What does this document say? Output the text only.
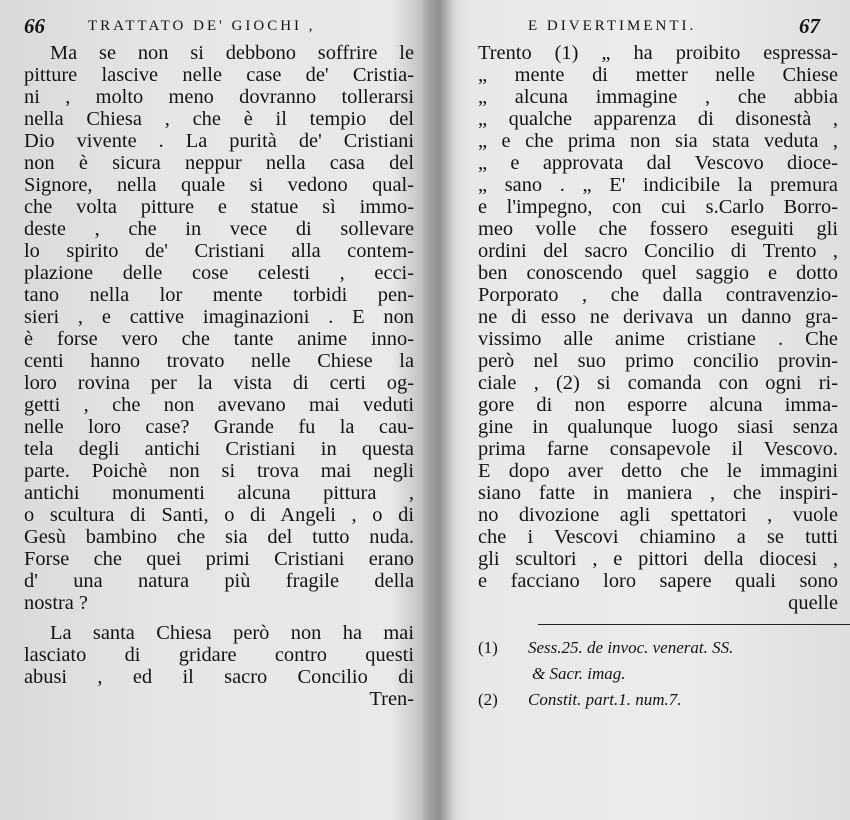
66	TRATTATO DE' GIOCHI ,
Ma se non si debbono soffrire le
pitture lascive nelle case de' Cristia-
ni , molto meno dovranno tollerarsi
nella Chiesa , che è il tempio del
Dio vivente . La purità de' Cristiani
non è sicura neppur nella casa del
Signore, nella quale si vedono qual-
che volta pitture e statue sì immo-
deste , che in vece di sollevare
lo spirito de' Cristiani alla contem-
plazione delle cose celesti , ecci-
tano nella lor mente torbidi pen-
sieri , e cattive imaginazioni . E non
è forse vero che tante anime inno-
centi hanno trovato nelle Chiese la
loro rovina per la vista di certi og-
getti , che non avevano mai veduti
nelle loro case? Grande fu la cau-
tela degli antichi Cristiani in questa
parte. Poichè non si trova mai negli
antichi monumenti alcuna pittura ,
o scultura di Santi, o di Angeli , o di
Gesù bambino che sia del tutto nuda.
Forse che quei primi Cristiani erano
d' una natura più fragile della
nostra ?
La santa Chiesa però non ha mai
lasciato di gridare contro questi
abusi , ed il sacro Concilio di
Tren-
E DIVERTIMENTI.	67
Trento (1) „ ha proibito espressa-
„ mente di metter nelle Chiese
„ alcuna immagine , che abbia
„ qualche apparenza di disonestà ,
„ e che prima non sia stata veduta ,
„ e approvata dal Vescovo dioce-
„ sano . „ E' indicibile la premura
e l'impegno, con cui s.Carlo Borro-
meo volle che fossero eseguiti gli
ordini del sacro Concilio di Trento ,
ben conoscendo quel saggio e dotto
Porporato , che dalla contravenzio-
ne di esso ne derivava un danno gra-
vissimo alle anime cristiane . Che
però nel suo primo concilio provin-
ciale , (2) si comanda con ogni ri-
gore di non esporre alcuna imma-
gine in qualunque luogo siasi senza
prima farne consapevole il Vescovo.
E dopo aver detto che le immagini
siano fatte in maniera , che inspiri-
no divozione agli spettatori , vuole
che i Vescovi chiamino a se tutti
gli scultori , e pittori della diocesi ,
e facciano loro sapere quali sono
quelle
(1) Sess.25. de invoc. venerat. SS.
& Sacr. imag.
(2) Constit. part.1. num.7.
